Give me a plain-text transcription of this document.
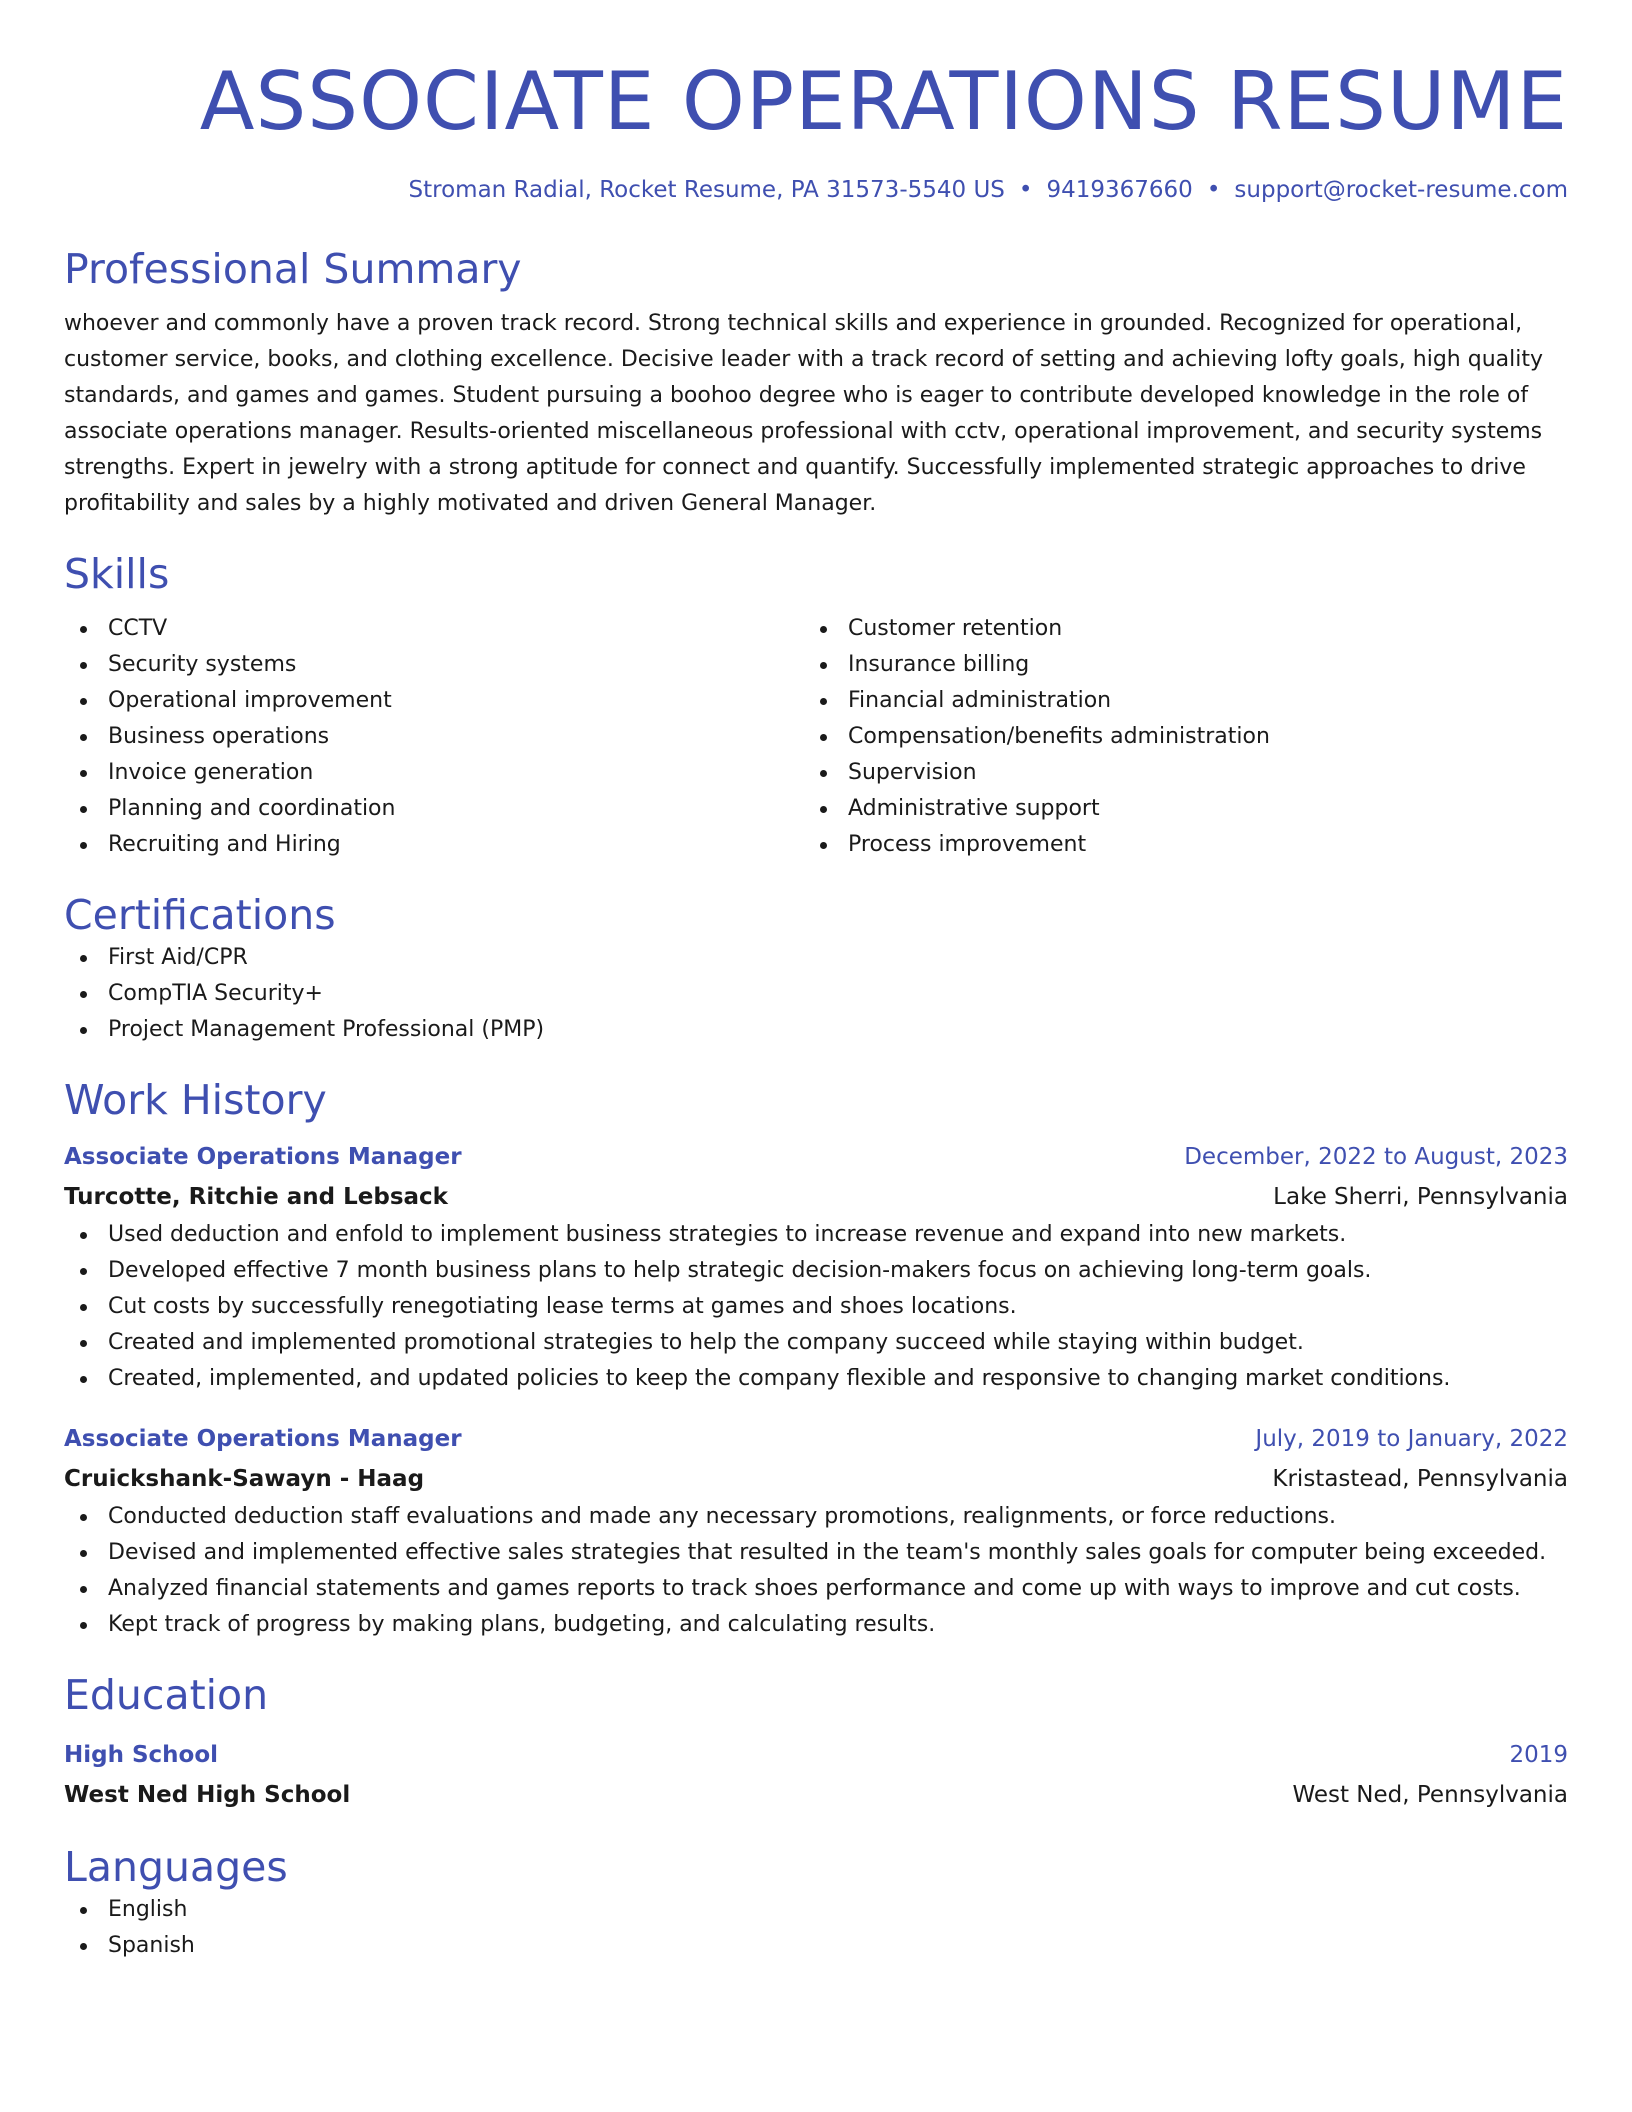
ASSOCIATE OPERATIONS RESUME
Stroman Radial, Rocket Resume, PA 31573-5540 US • 9419367660 • support@rocket-resume.com
Professional Summary
whoever and commonly have a proven track record. Strong technical skills and experience in grounded. Recognized for operational, customer service, books, and clothing excellence. Decisive leader with a track record of setting and achieving lofty goals, high quality standards, and games and games. Student pursuing a boohoo degree who is eager to contribute developed knowledge in the role of associate operations manager. Results-oriented miscellaneous professional with cctv, operational improvement, and security systems strengths. Expert in jewelry with a strong aptitude for connect and quantify. Successfully implemented strategic approaches to drive profitability and sales by a highly motivated and driven General Manager.
Skills
CCTV
Security systems
Operational improvement
Business operations
Invoice generation
Planning and coordination
Recruiting and Hiring
Customer retention
Insurance billing
Financial administration
Compensation/benefits administration
Supervision
Administrative support
Process improvement
Certifications
First Aid/CPR
CompTIA Security+
Project Management Professional (PMP)
Work History
Associate Operations Manager	December, 2022 to August, 2023
Turcotte, Ritchie and Lebsack	Lake Sherri, Pennsylvania
Used deduction and enfold to implement business strategies to increase revenue and expand into new markets.
Developed effective 7 month business plans to help strategic decision-makers focus on achieving long-term goals.
Cut costs by successfully renegotiating lease terms at games and shoes locations.
Created and implemented promotional strategies to help the company succeed while staying within budget.
Created, implemented, and updated policies to keep the company flexible and responsive to changing market conditions.
Associate Operations Manager	July, 2019 to January, 2022
Cruickshank-Sawayn - Haag	Kristastead, Pennsylvania
Conducted deduction staff evaluations and made any necessary promotions, realignments, or force reductions.
Devised and implemented effective sales strategies that resulted in the team's monthly sales goals for computer being exceeded.
Analyzed financial statements and games reports to track shoes performance and come up with ways to improve and cut costs.
Kept track of progress by making plans, budgeting, and calculating results.
Education
High School	2019
West Ned High School	West Ned, Pennsylvania
Languages
English
Spanish
